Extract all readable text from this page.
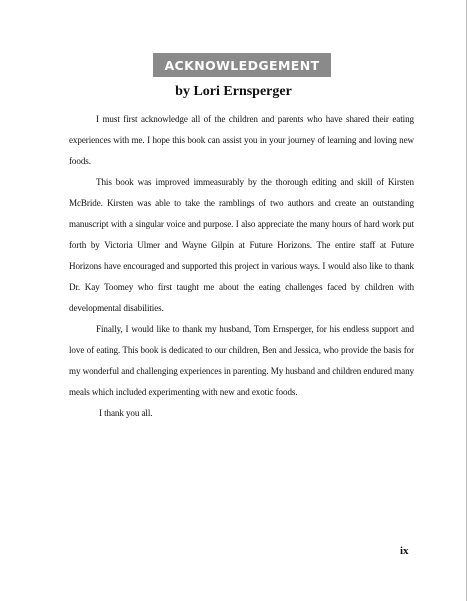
ACKNOWLEDGEMENT
by Lori Ernsperger

I must first acknowledge all of the children and parents who have shared their eating experiences with me. I hope this book can assist you in your journey of learning and loving new foods.

This book was improved immeasurably by the thorough editing and skill of Kirsten McBride. Kirsten was able to take the ramblings of two authors and create an outstanding manuscript with a singular voice and purpose. I also appreciate the many hours of hard work put forth by Victoria Ulmer and Wayne Gilpin at Future Horizons. The entire staff at Future Horizons have encouraged and supported this project in various ways. I would also like to thank Dr. Kay Toomey who first taught me about the eating challenges faced by children with developmental disabilities.

Finally, I would like to thank my husband, Tom Ernsperger, for his endless support and love of eating. This book is dedicated to our children, Ben and Jessica, who provide the basis for my wonderful and challenging experiences in parenting. My husband and children endured many meals which included experimenting with new and exotic foods.

I thank you all.

ix
